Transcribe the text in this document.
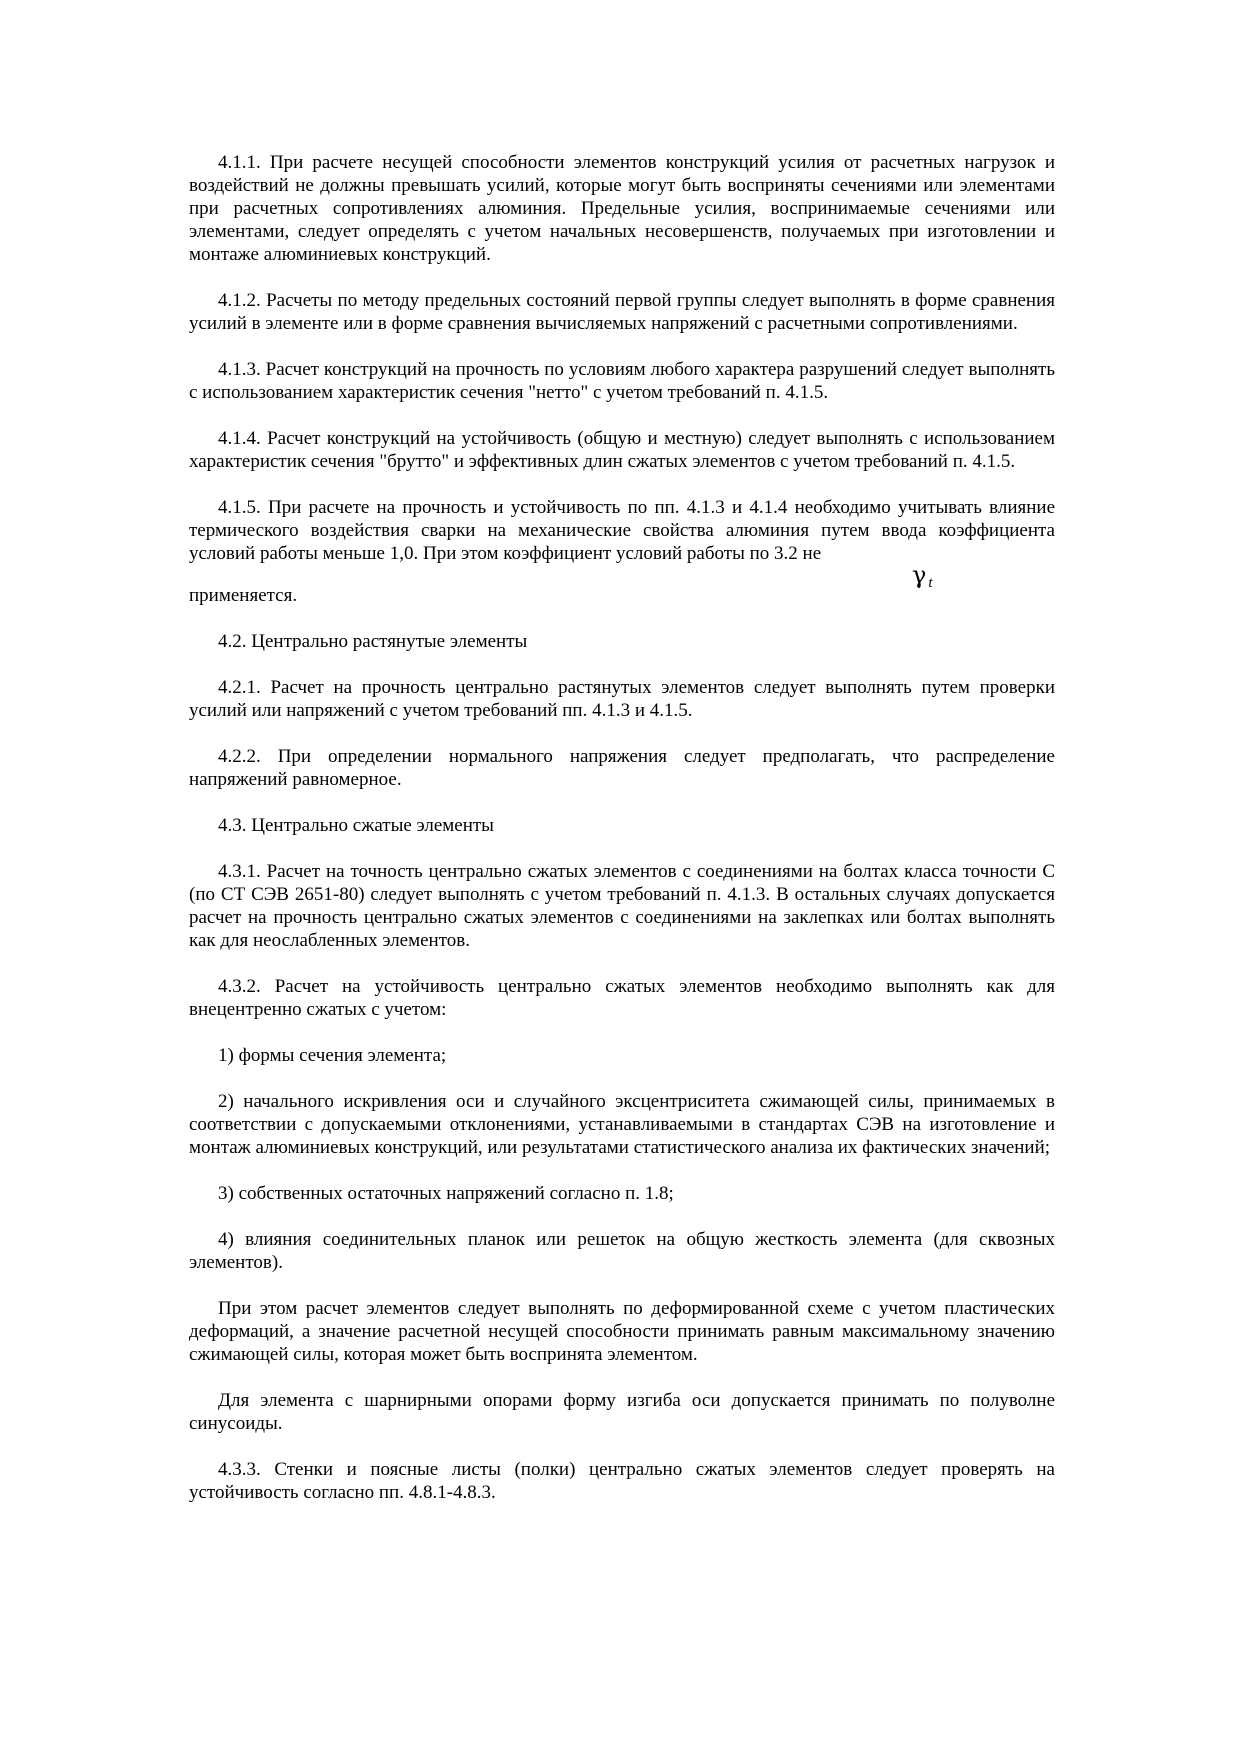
4.1.1. При расчете несущей способности элементов конструкций усилия от расчетных нагрузок и воздействий не должны превышать усилий, которые могут быть восприняты сечениями или элементами при расчетных сопротивлениях алюминия. Предельные усилия, воспринимаемые сечениями или элементами, следует определять с учетом начальных несовершенств, получаемых при изготовлении и монтаже алюминиевых конструкций.

4.1.2. Расчеты по методу предельных состояний первой группы следует выполнять в форме сравнения усилий в элементе или в форме сравнения вычисляемых напряжений с расчетными сопротивлениями.

4.1.3. Расчет конструкций на прочность по условиям любого характера разрушений следует выполнять с использованием характеристик сечения "нетто" с учетом требований п. 4.1.5.

4.1.4. Расчет конструкций на устойчивость (общую и местную) следует выполнять с использованием характеристик сечения "брутто" и эффективных длин сжатых элементов с учетом требований п. 4.1.5.

4.1.5. При расчете на прочность и устойчивость по пп. 4.1.3 и 4.1.4 необходимо учитывать влияние термического воздействия сварки на механические свойства алюминия путем ввода коэффициента условий работы меньше 1,0. При этом коэффициент условий работы по 3.2 не

γ $_t$

применяется.

4.2. Центрально растянутые элементы

4.2.1. Расчет на прочность центрально растянутых элементов следует выполнять путем проверки усилий или напряжений с учетом требований пп. 4.1.3 и 4.1.5.

4.2.2. При определении нормального напряжения следует предполагать, что распределение напряжений равномерное.

4.3. Центрально сжатые элементы

4.3.1. Расчет на точность центрально сжатых элементов с соединениями на болтах класса точности С (по СТ СЭВ 2651-80) следует выполнять с учетом требований п. 4.1.3. В остальных случаях допускается расчет на прочность центрально сжатых элементов с соединениями на заклепках или болтах выполнять как для неослабленных элементов.

4.3.2. Расчет на устойчивость центрально сжатых элементов необходимо выполнять как для внецентренно сжатых с учетом:

1) формы сечения элемента;

2) начального искривления оси и случайного эксцентриситета сжимающей силы, принимаемых в соответствии с допускаемыми отклонениями, устанавливаемыми в стандартах СЭВ на изготовление и монтаж алюминиевых конструкций, или результатами статистического анализа их фактических значений;

3) собственных остаточных напряжений согласно п. 1.8;

4) влияния соединительных планок или решеток на общую жесткость элемента (для сквозных элементов).

При этом расчет элементов следует выполнять по деформированной схеме с учетом пластических деформаций, а значение расчетной несущей способности принимать равным максимальному значению сжимающей силы, которая может быть воспринята элементом.

Для элемента с шарнирными опорами форму изгиба оси допускается принимать по полуволне синусоиды.

4.3.3. Стенки и поясные листы (полки) центрально сжатых элементов следует проверять на устойчивость согласно пп. 4.8.1-4.8.3.
